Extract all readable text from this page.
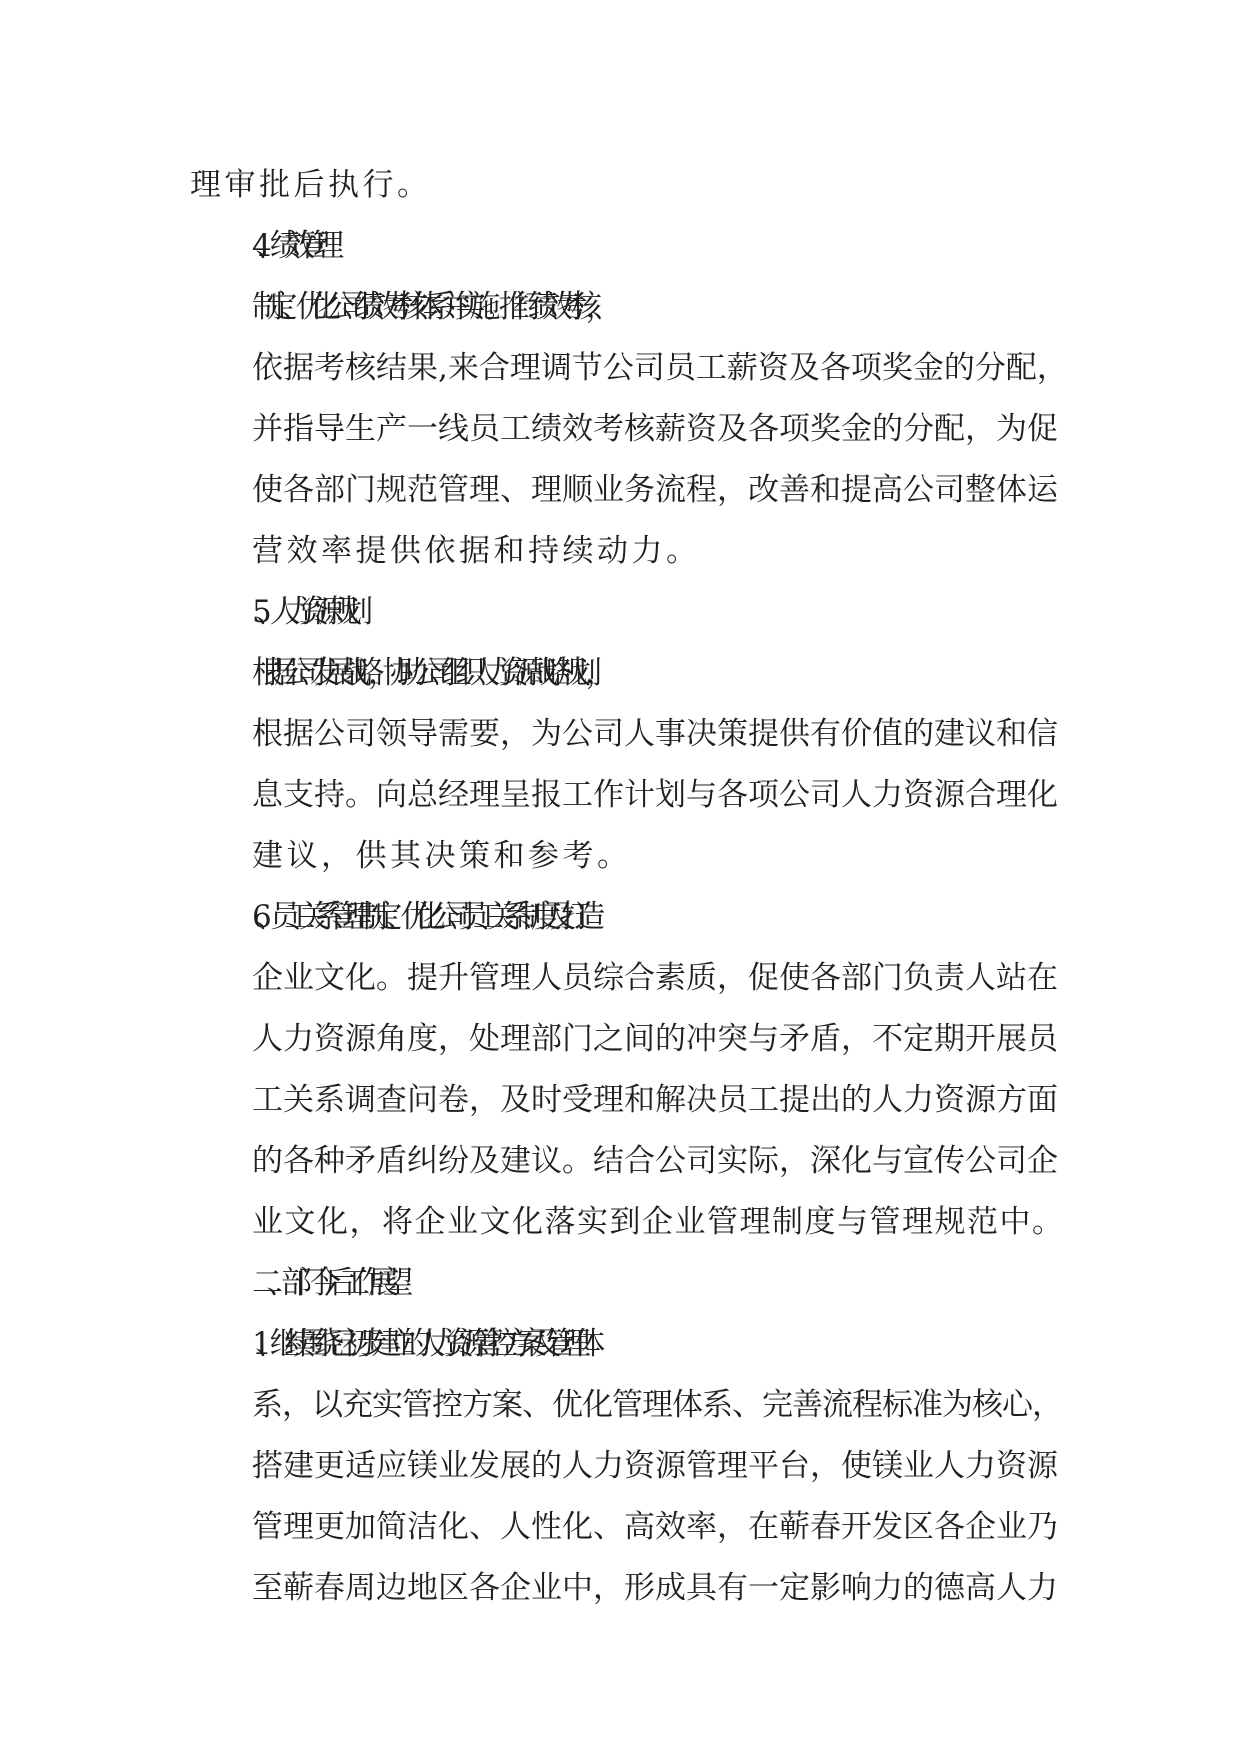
理审批后执行。

4、绩效管理

制定、优化公司绩效考核体系并实施。推行绩效考核，
依据考核结果,来合理调节公司员工薪资及各项奖金的分配，
并指导生产一线员工绩效考核薪资及各项奖金的分配，为促
使各部门规范管理、理顺业务流程，改善和提高公司整体运
营效率提供依据和持续动力。

5、人力资源规划

根据公司发展战略，协助公司组织人力资源战略规划，
根据公司领导需要，为公司人事决策提供有价值的建议和信
息支持。向总经理呈报工作计划与各项公司人力资源合理化
建议，供其决策和参考。

6、员工关系管理制定、优化公司员工关系制度及打造
企业文化。提升管理人员综合素质，促使各部门负责人站在
人力资源角度，处理部门之间的冲突与矛盾，不定期开展员
工关系调查问卷，及时受理和解决员工提出的人力资源方面
的各种矛盾纠纷及建议。结合公司实际，深化与宣传公司企
业文化，将企业文化落实到企业管理制度与管理规范中。

二、部门今后工作展望

1、继续围绕已初步建立的人力资源管控方案及管理体
系，以充实管控方案、优化管理体系、完善流程标准为核心，
搭建更适应镁业发展的人力资源管理平台，使镁业人力资源
管理更加简洁化、人性化、高效率，在蕲春开发区各企业乃
至蕲春周边地区各企业中，形成具有一定影响力的德高人力
